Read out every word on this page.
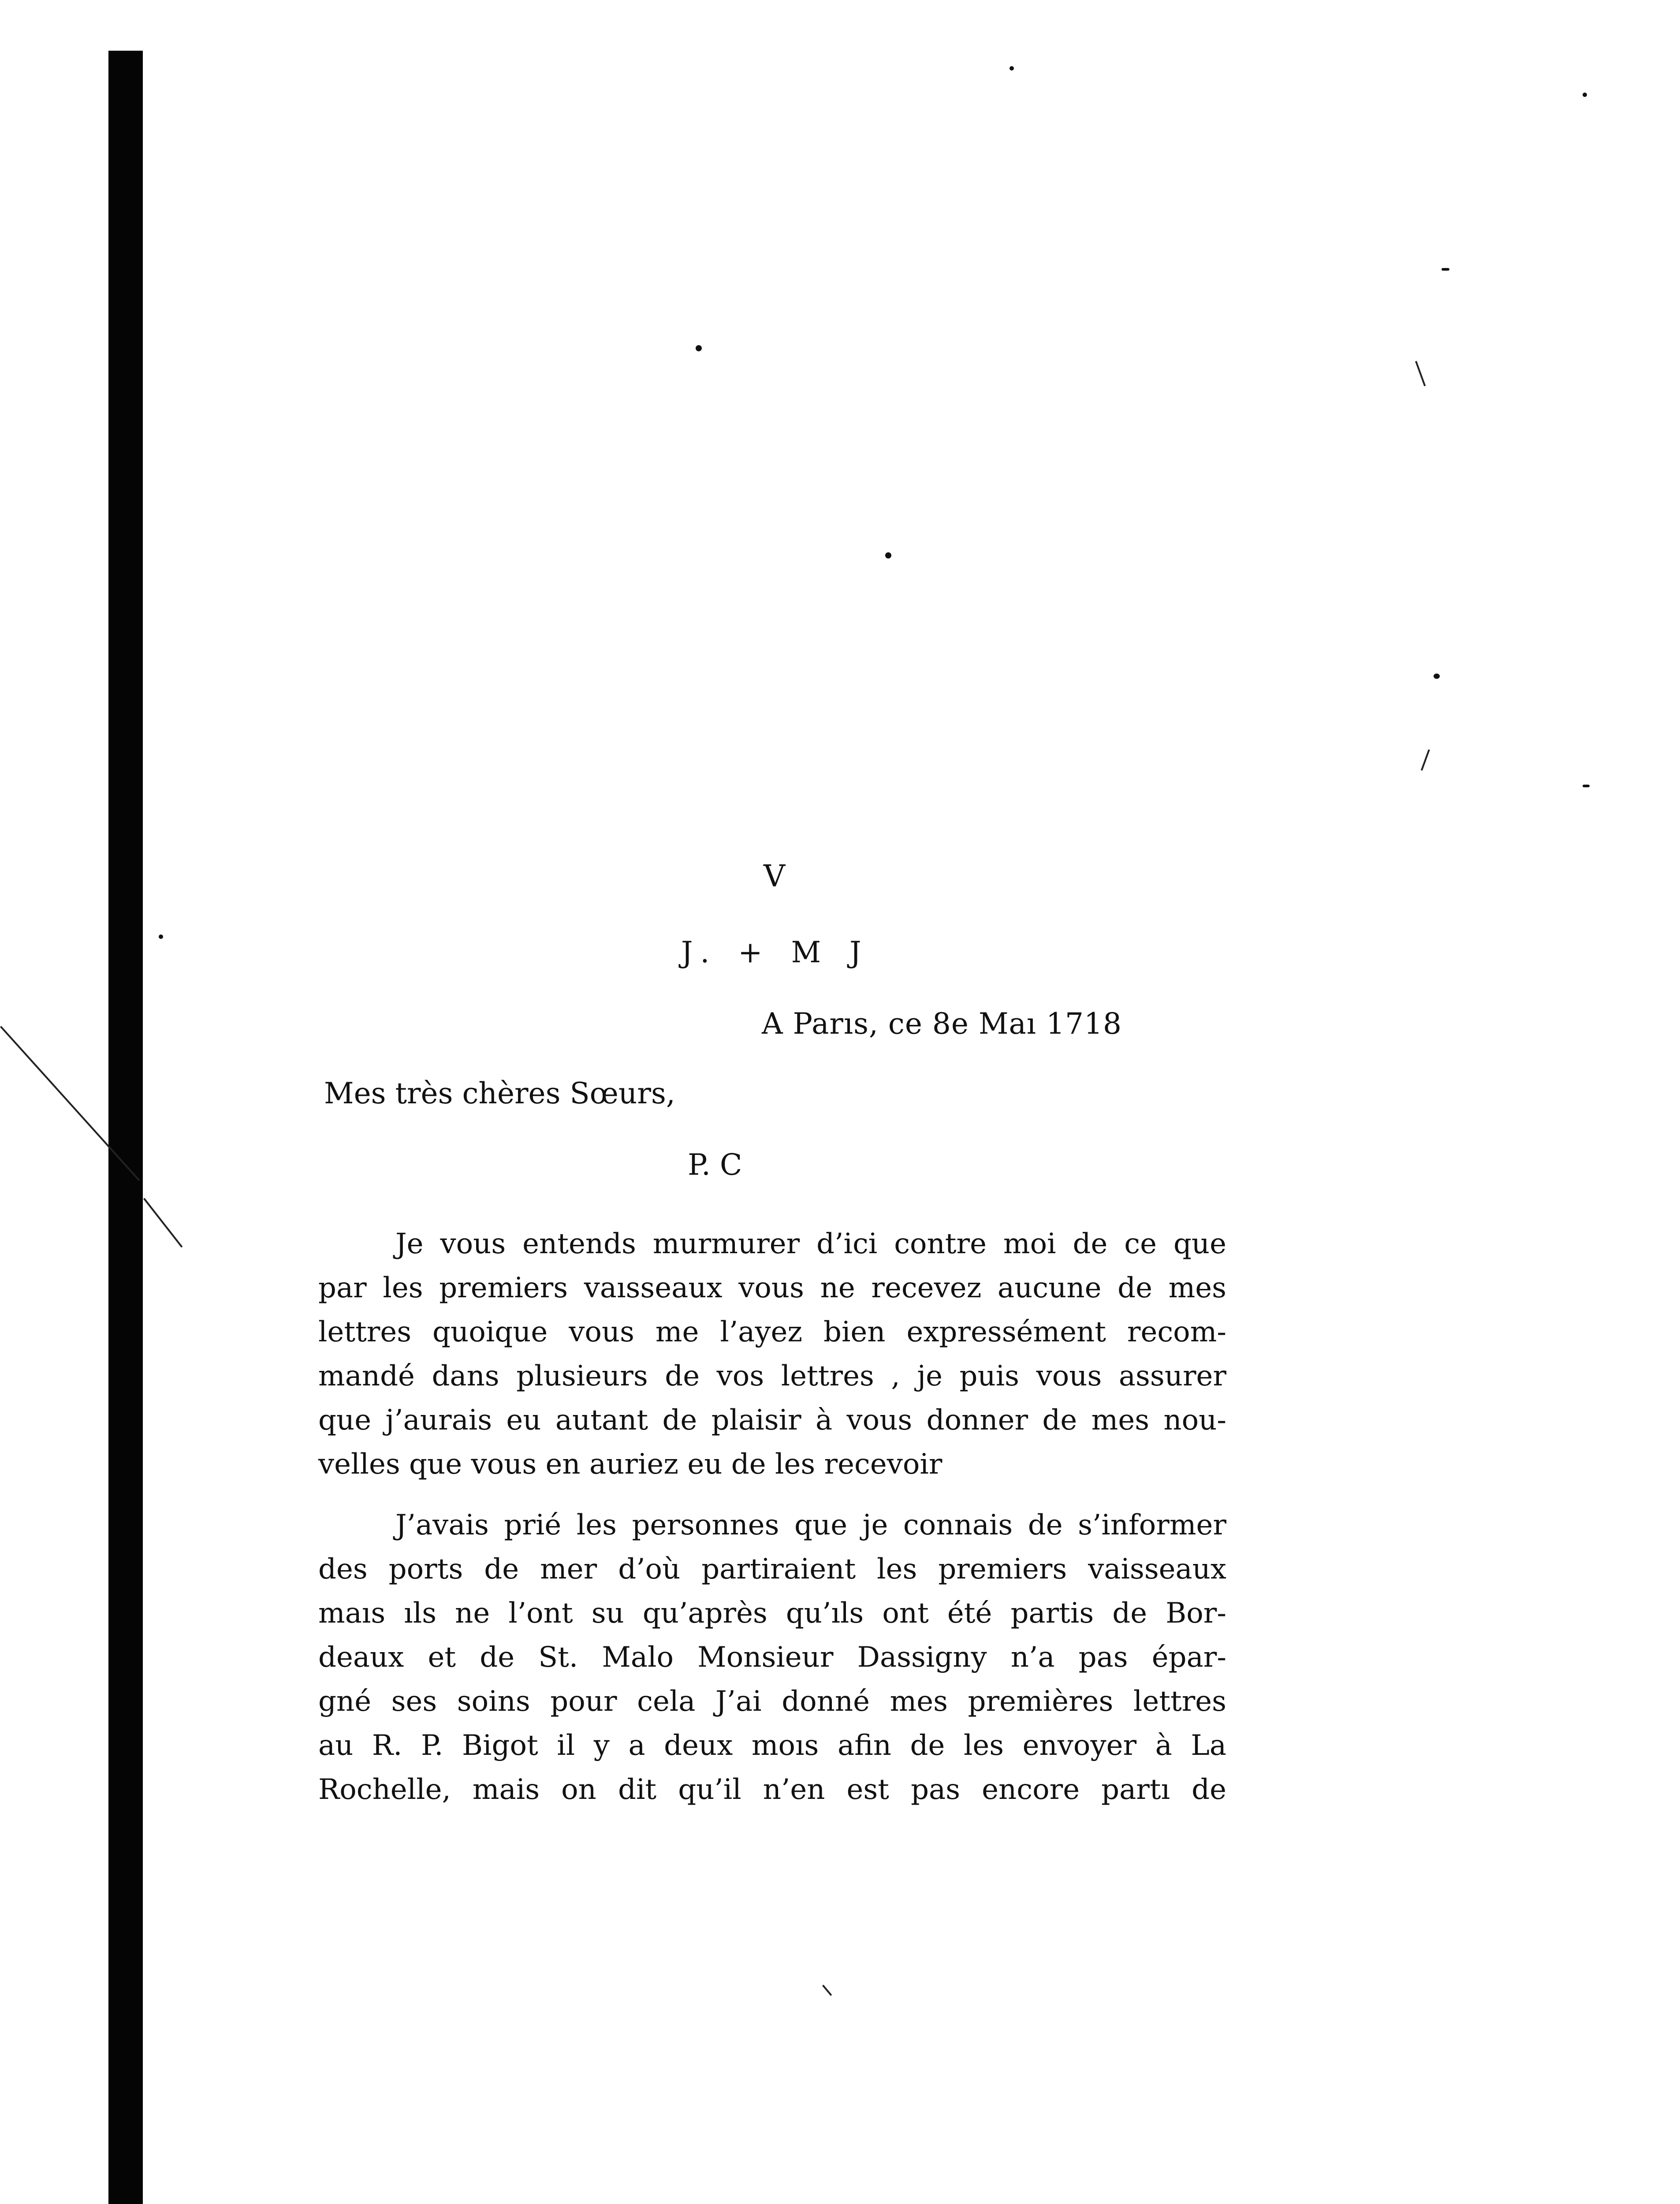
V
J. + M J
A Parıs, ce 8e Maı 1718
Mes très chères Sœurs,
P. C
Je vous entends murmurer d’ici contre moi de ce que
par les premiers vaısseaux vous ne recevez aucune de mes
lettres quoique vous me l’ayez bien expressément recom-
mandé dans plusieurs de vos lettres , je puis vous assurer
que j’aurais eu autant de plaisir à vous donner de mes nou-
velles que vous en auriez eu de les recevoir
J’avais prié les personnes que je connais de s’informer
des ports de mer d’où partiraient les premiers vaisseaux
maıs ıls ne l’ont su qu’après qu’ıls ont été partis de Bor-
deaux et de St. Malo Monsieur Dassigny n’a pas épar-
gné ses soins pour cela J’ai donné mes premières lettres
au R. P. Bigot il y a deux moıs afin de les envoyer à La
Rochelle, mais on dit qu’il n’en est pas encore partı de
